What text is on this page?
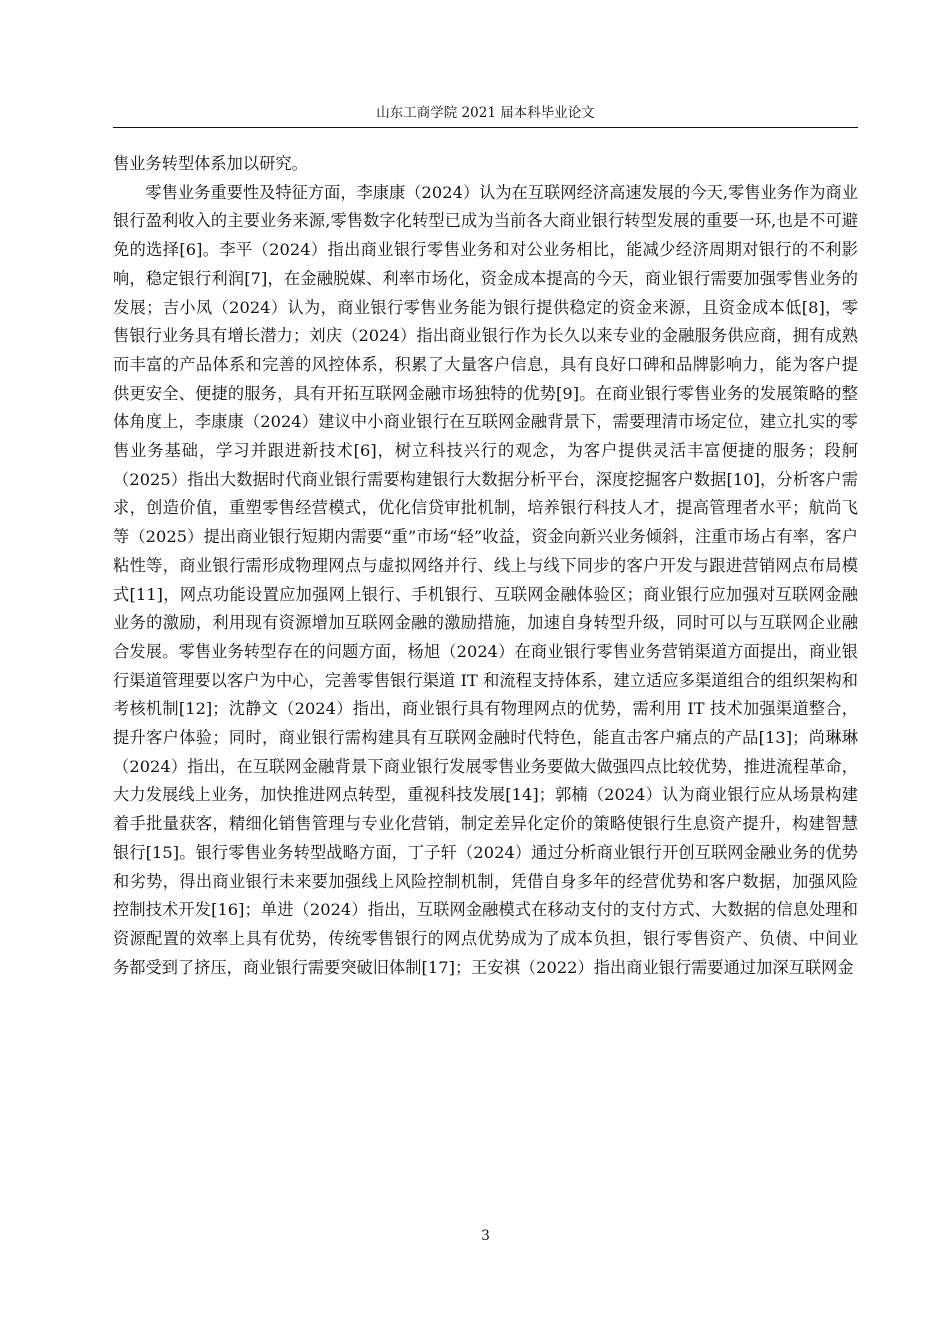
山东工商学院 2021 届本科毕业论文

售业务转型体系加以研究。

零售业务重要性及特征方面，李康康（2024）认为在互联网经济高速发展的今天,零售业务作为商业银行盈利收入的主要业务来源,零售数字化转型已成为当前各大商业银行转型发展的重要一环,也是不可避免的选择[6]。李平（2024）指出商业银行零售业务和对公业务相比，能减少经济周期对银行的不利影响，稳定银行利润[7]，在金融脱媒、利率市场化，资金成本提高的今天，商业银行需要加强零售业务的发展；吉小凤（2024）认为，商业银行零售业务能为银行提供稳定的资金来源，且资金成本低[8]，零售银行业务具有增长潜力；刘庆（2024）指出商业银行作为长久以来专业的金融服务供应商，拥有成熟而丰富的产品体系和完善的风控体系，积累了大量客户信息，具有良好口碑和品牌影响力，能为客户提供更安全、便捷的服务，具有开拓互联网金融市场独特的优势[9]。在商业银行零售业务的发展策略的整体角度上，李康康（2024）建议中小商业银行在互联网金融背景下，需要理清市场定位，建立扎实的零售业务基础，学习并跟进新技术[6]，树立科技兴行的观念，为客户提供灵活丰富便捷的服务；段舸（2025）指出大数据时代商业银行需要构建银行大数据分析平台，深度挖掘客户数据[10]，分析客户需求，创造价值，重塑零售经营模式，优化信贷审批机制，培养银行科技人才，提高管理者水平；航尚飞等（2025）提出商业银行短期内需要“重”市场“轻”收益，资金向新兴业务倾斜，注重市场占有率，客户粘性等，商业银行需形成物理网点与虚拟网络并行、线上与线下同步的客户开发与跟进营销网点布局模式[11]，网点功能设置应加强网上银行、手机银行、互联网金融体验区；商业银行应加强对互联网金融业务的激励，利用现有资源增加互联网金融的激励措施，加速自身转型升级，同时可以与互联网企业融合发展。零售业务转型存在的问题方面，杨旭（2024）在商业银行零售业务营销渠道方面提出，商业银行渠道管理要以客户为中心，完善零售银行渠道 IT 和流程支持体系，建立适应多渠道组合的组织架构和考核机制[12]；沈静文（2024）指出，商业银行具有物理网点的优势，需利用 IT 技术加强渠道整合，提升客户体验；同时，商业银行需构建具有互联网金融时代特色，能直击客户痛点的产品[13]；尚琳琳（2024）指出，在互联网金融背景下商业银行发展零售业务要做大做强四点比较优势，推进流程革命，大力发展线上业务，加快推进网点转型，重视科技发展[14]；郭楠（2024）认为商业银行应从场景构建着手批量获客，精细化销售管理与专业化营销，制定差异化定价的策略使银行生息资产提升，构建智慧银行[15]。银行零售业务转型战略方面，丁子轩（2024）通过分析商业银行开创互联网金融业务的优势和劣势，得出商业银行未来要加强线上风险控制机制，凭借自身多年的经营优势和客户数据，加强风险控制技术开发[16]；单进（2024）指出，互联网金融模式在移动支付的支付方式、大数据的信息处理和资源配置的效率上具有优势，传统零售银行的网点优势成为了成本负担，银行零售资产、负债、中间业务都受到了挤压，商业银行需要突破旧体制[17]；王安祺（2022）指出商业银行需要通过加深互联网金

3
